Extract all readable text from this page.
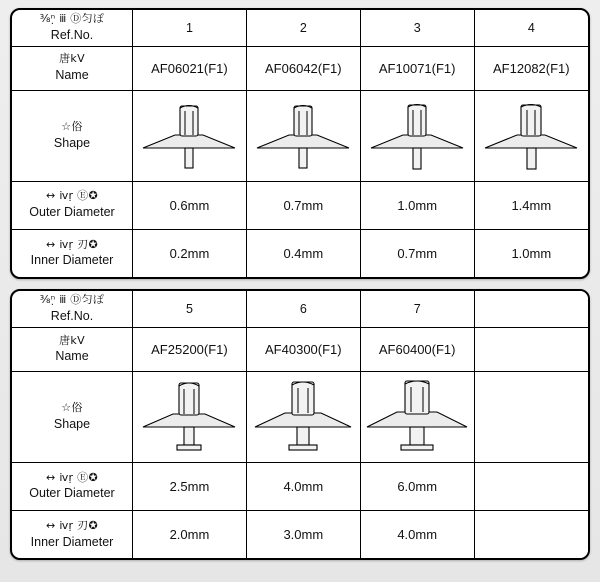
⅜ⁿ̣ ⅲ Ⓓ匀ぽ
Ref.No.	1	2	3	4

唐kV
Name	AF06021(F1)	AF06042(F1)	AF10071(F1)	AF12082(F1)

☆俗
Shape

↔ ⅳṛ Ⓔ✪
Outer Diameter	0.6mm	0.7mm	1.0mm	1.4mm

↔ ⅳṛ 刃✪
Inner Diameter	0.2mm	0.4mm	0.7mm	1.0mm
⅜ⁿ̣ ⅲ Ⓓ匀ぽ
Ref.No.	5	6	7	

唐kV
Name	AF25200(F1)	AF40300(F1)	AF60400(F1)	

☆俗
Shape

↔ ⅳṛ Ⓔ✪
Outer Diameter	2.5mm	4.0mm	6.0mm	

↔ ⅳṛ 刃✪
Inner Diameter	2.0mm	3.0mm	4.0mm	
